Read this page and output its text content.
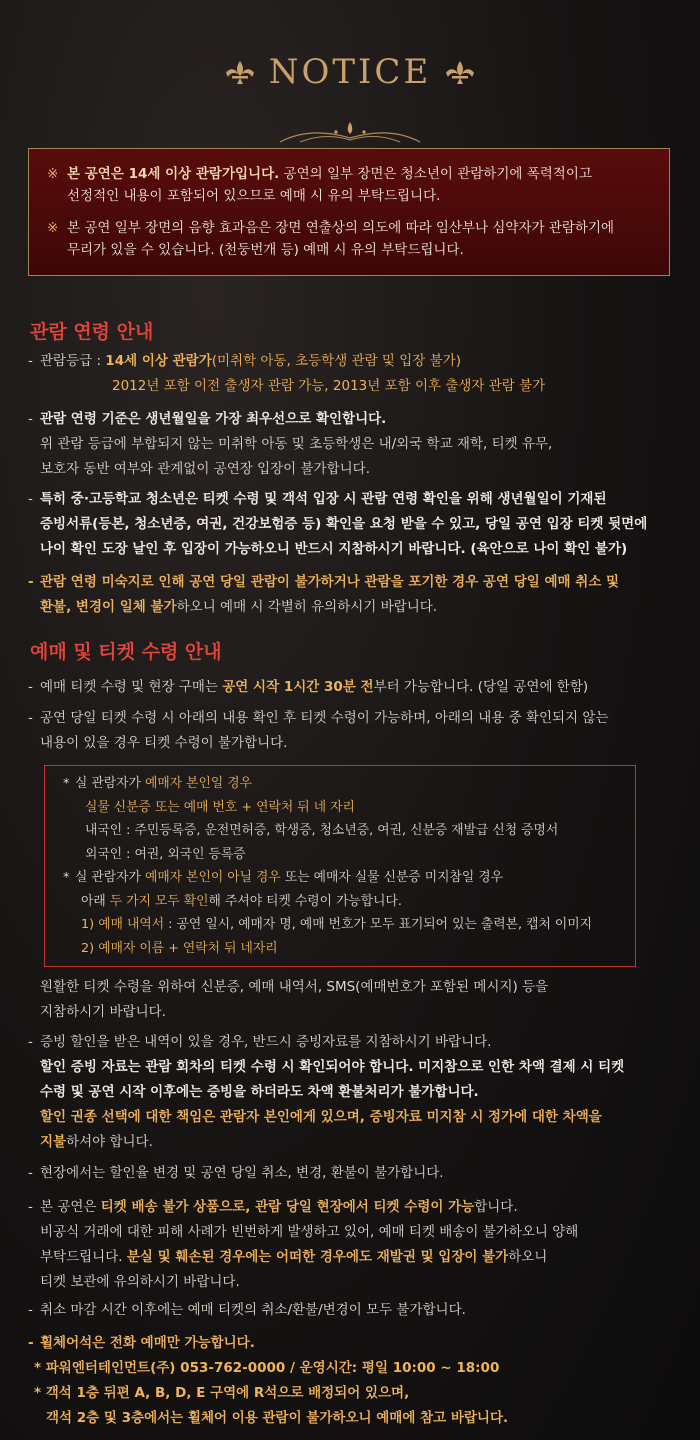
NOTICE

※ 본 공연은 14세 이상 관람가입니다. 공연의 일부 장면은 청소년이 관람하기에 폭력적이고
선정적인 내용이 포함되어 있으므로 예매 시 유의 부탁드립니다.

※ 본 공연 일부 장면의 음향 효과음은 장면 연출상의 의도에 따라 임산부나 심약자가 관람하기에
무리가 있을 수 있습니다. (천둥번개 등) 예매 시 유의 부탁드립니다.

관람 연령 안내
- 관람등급 : 14세 이상 관람가(미취학 아동, 초등학생 관람 및 입장 불가)
2012년 포함 이전 출생자 관람 가능, 2013년 포함 이후 출생자 관람 불가
- 관람 연령 기준은 생년월일을 가장 최우선으로 확인합니다.
위 관람 등급에 부합되지 않는 미취학 아동 및 초등학생은 내/외국 학교 재학, 티켓 유무,
보호자 동반 여부와 관계없이 공연장 입장이 불가합니다.
- 특히 중·고등학교 청소년은 티켓 수령 및 객석 입장 시 관람 연령 확인을 위해 생년월일이 기재된
증빙서류(등본, 청소년증, 여권, 건강보험증 등) 확인을 요청 받을 수 있고, 당일 공연 입장 티켓 뒷면에
나이 확인 도장 날인 후 입장이 가능하오니 반드시 지참하시기 바랍니다. (육안으로 나이 확인 불가)
- 관람 연령 미숙지로 인해 공연 당일 관람이 불가하거나 관람을 포기한 경우 공연 당일 예매 취소 및
환불, 변경이 일체 불가하오니 예매 시 각별히 유의하시기 바랍니다.
예매 및 티켓 수령 안내
- 예매 티켓 수령 및 현장 구매는 공연 시작 1시간 30분 전부터 가능합니다. (당일 공연에 한함)
- 공연 당일 티켓 수령 시 아래의 내용 확인 후 티켓 수령이 가능하며, 아래의 내용 중 확인되지 않는
내용이 있을 경우 티켓 수령이 불가합니다.
* 실 관람자가 예매자 본인일 경우
실물 신분증 또는 예매 번호 + 연락처 뒤 네 자리
내국인 : 주민등록증, 운전면허증, 학생증, 청소년증, 여권, 신분증 재발급 신청 증명서
외국인 : 여권, 외국인 등록증
* 실 관람자가 예매자 본인이 아닐 경우 또는 예매자 실물 신분증 미지참일 경우
아래 두 가지 모두 확인해 주셔야 티켓 수령이 가능합니다.
1) 예매 내역서 : 공연 일시, 예매자 명, 예매 번호가 모두 표기되어 있는 출력본, 캡처 이미지
2) 예매자 이름 + 연락처 뒤 네자리
원활한 티켓 수령을 위하여 신분증, 예매 내역서, SMS(예매번호가 포함된 메시지) 등을
지참하시기 바랍니다.
- 증빙 할인을 받은 내역이 있을 경우, 반드시 증빙자료를 지참하시기 바랍니다.
할인 증빙 자료는 관람 회차의 티켓 수령 시 확인되어야 합니다. 미지참으로 인한 차액 결제 시 티켓
수령 및 공연 시작 이후에는 증빙을 하더라도 차액 환불처리가 불가합니다.
할인 권종 선택에 대한 책임은 관람자 본인에게 있으며, 증빙자료 미지참 시 정가에 대한 차액을
지불하셔야 합니다.
- 현장에서는 할인율 변경 및 공연 당일 취소, 변경, 환불이 불가합니다.
- 본 공연은 티켓 배송 불가 상품으로, 관람 당일 현장에서 티켓 수령이 가능합니다.
비공식 거래에 대한 피해 사례가 빈번하게 발생하고 있어, 예매 티켓 배송이 불가하오니 양해
부탁드립니다. 분실 및 훼손된 경우에는 어떠한 경우에도 재발권 및 입장이 불가하오니
티켓 보관에 유의하시기 바랍니다.
- 취소 마감 시간 이후에는 예매 티켓의 취소/환불/변경이 모두 불가합니다.
- 휠체어석은 전화 예매만 가능합니다.
* 파워엔터테인먼트(주) 053-762-0000 / 운영시간: 평일 10:00 ~ 18:00
* 객석 1층 뒤편 A, B, D, E 구역에 R석으로 배정되어 있으며,
객석 2층 및 3층에서는 휠체어 이용 관람이 불가하오니 예매에 참고 바랍니다.
